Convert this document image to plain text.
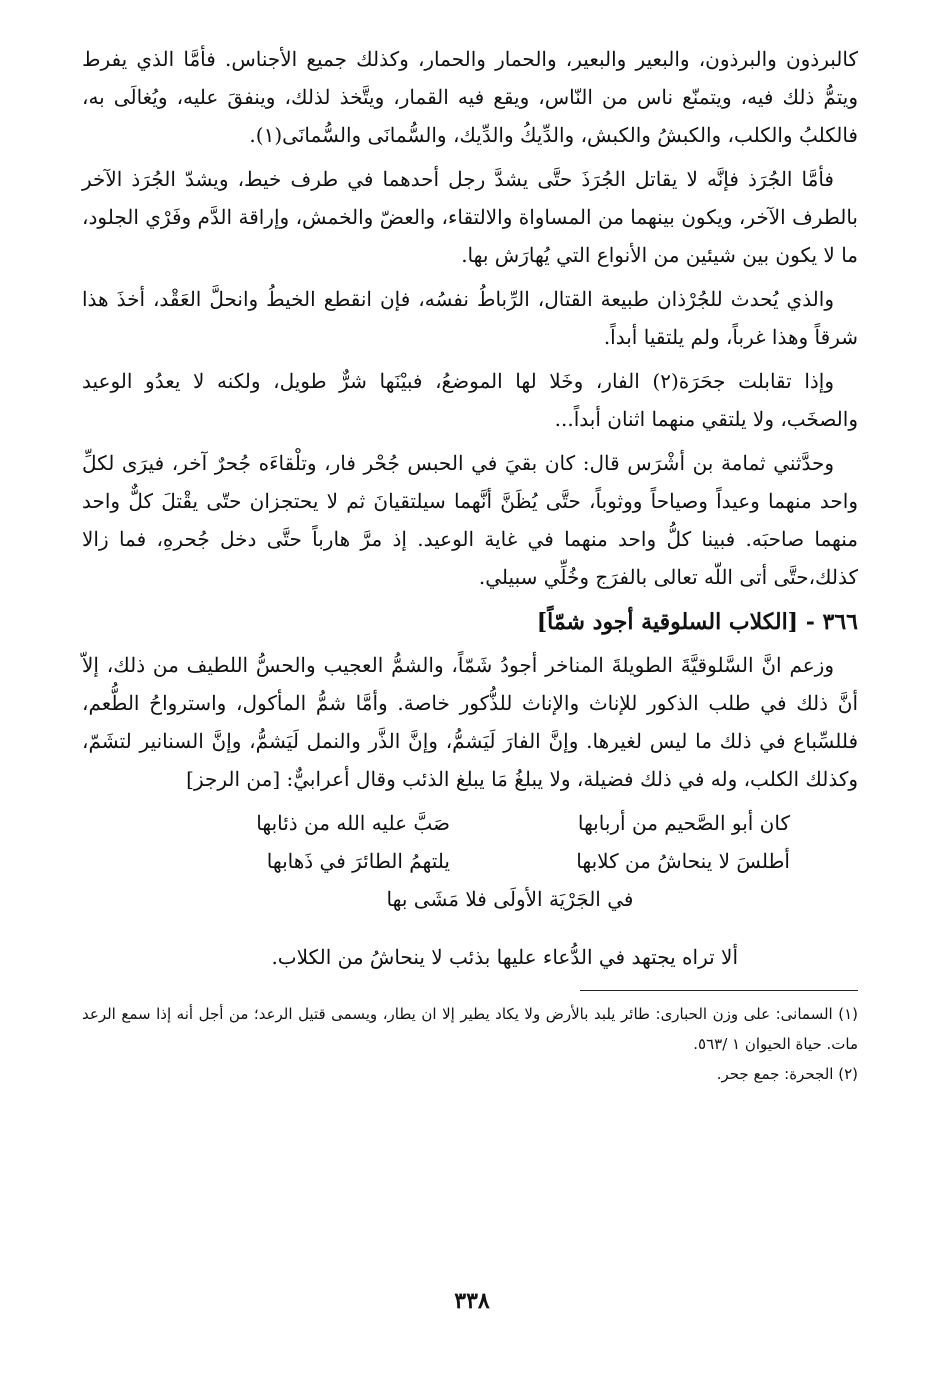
كالبرذون والبرذون، والبعير والبعير، والحمار والحمار، وكذلك جميع الأجناس. فأمَّا الذي يفرط ويتمُّ ذلك فيه، ويتمنّع ناس من النّاس، ويقع فيه القمار، ويتَّخذ لذلك، وينفقَ عليه، ويُغالَى به، فالكلبُ والكلب، والكبشُ والكبش، والدِّيكُ والدِّيك، والسُّمانَى والسُّمانَى(١).

فأمَّا الجُرَذ فإنَّه لا يقاتل الجُرَذَ حتَّى يشدَّ رجل أحدهما في طرف خيط، ويشدّ الجُرَذ الآخر بالطرف الآخر، ويكون بينهما من المساواة والالتقاء، والعضّ والخمش، وإراقة الدَّم وفَرْي الجلود، ما لا يكون بين شيئين من الأنواع التي يُهارَش بها.

والذي يُحدث للجُرْذان طبيعة القتال، الرِّباطُ نفسُه، فإن انقطع الخيطُ وانحلَّ العَقْد، أخذَ هذا شرقاً وهذا غرباً، ولم يلتقيا أبداً.

وإذا تقابلت جحَرَة(٢) الفار، وخَلا لها الموضعُ، فبيْنَها شرٌّ طويل، ولكنه لا يعدُو الوعيد والصخَب، ولا يلتقي منهما اثنان أبداً...

وحدَّثني ثمامة بن أشْرَس قال: كان بقيَ في الحبس جُحْر فار، وتلْقاءَه جُحرٌ آخر، فيرَى لكلِّ واحد منهما وعيداً وصياحاً ووثوباً، حتَّى يُظَنَّ أنَّهما سيلتقيانَ ثم لا يحتجزان حتّى يقْتلَ كلٌّ واحد منهما صاحبَه. فبينا كلُّ واحد منهما في غاية الوعيد. إذ مرَّ هارباً حتَّى دخل جُحرهِ، فما زالا كذلك،حتَّى أتى اللّه تعالى بالفرَج وخُلِّي سبيلي.

٣٦٦ - [الكلاب السلوقية أجود شمّاً]

وزعم انَّ السَّلوقيَّةَ الطويلةَ المناخر أجودُ شَمّاً، والشمُّ العجيب والحسُّ اللطيف من ذلك، إلاّ أنَّ ذلك في طلب الذكور للإناث والإناث للذُّكور خاصة. وأمَّا شمُّ المأكول، واسترواحُ الطُّعم، فللسِّباع في ذلك ما ليس لغيرها. وإنَّ الفارَ لَيَشمُّ، وإنَّ الذَّر والنمل لَيَشمُّ، وإنَّ السنانير لتشَمّ، وكذلك الكلب، وله في ذلك فضيلة، ولا يبلغُ مَا يبلغ الذئب وقال أعرابيٌّ: [من الرجز]

كان أبو الصَّحيم من أربابها
صَبَّ عليه الله من ذئابها
أطلسَ لا ينحاشُ من كلابها
يلتهمُ الطائرَ في ذَهابها
في الجَرْيَة الأولَى فلا مَشَى بها

ألا تراه يجتهد في الدُّعاء عليها بذئب لا ينحاشُ من الكلاب.

(١) السمانى: على وزن الحبارى: طائر يلبد بالأرض ولا يكاد يطير إلا ان يطار، ويسمى قتيل الرعد؛ من أجل أنه إذا سمع الرعد مات. حياة الحيوان ١ /٥٦٣.
(٢) الجحرة: جمع جحر.
٣٣٨
